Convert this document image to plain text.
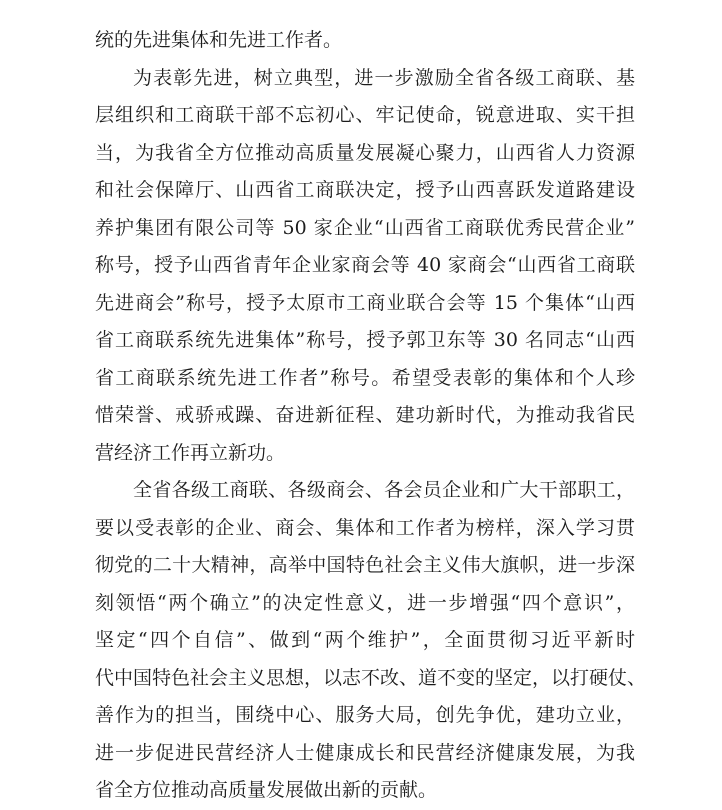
统的先进集体和先进工作者。
为表彰先进，树立典型，进一步激励全省各级工商联、基
层组织和工商联干部不忘初心、牢记使命，锐意进取、实干担
当，为我省全方位推动高质量发展凝心聚力，山西省人力资源
和社会保障厅、山西省工商联决定，授予山西喜跃发道路建设
养护集团有限公司等 50 家企业“山西省工商联优秀民营企业”
称号，授予山西省青年企业家商会等 40 家商会“山西省工商联
先进商会”称号，授予太原市工商业联合会等 15 个集体“山西
省工商联系统先进集体”称号，授予郭卫东等 30 名同志“山西
省工商联系统先进工作者”称号。希望受表彰的集体和个人珍
惜荣誉、戒骄戒躁、奋进新征程、建功新时代，为推动我省民
营经济工作再立新功。
全省各级工商联、各级商会、各会员企业和广大干部职工，
要以受表彰的企业、商会、集体和工作者为榜样，深入学习贯
彻党的二十大精神，高举中国特色社会主义伟大旗帜，进一步深
刻领悟“两个确立”的决定性意义，进一步增强“四个意识”，
坚定“四个自信”、做到“两个维护”，全面贯彻习近平新时
代中国特色社会主义思想，以志不改、道不变的坚定，以打硬仗、
善作为的担当，围绕中心、服务大局，创先争优，建功立业，
进一步促进民营经济人士健康成长和民营经济健康发展，为我
省全方位推动高质量发展做出新的贡献。
